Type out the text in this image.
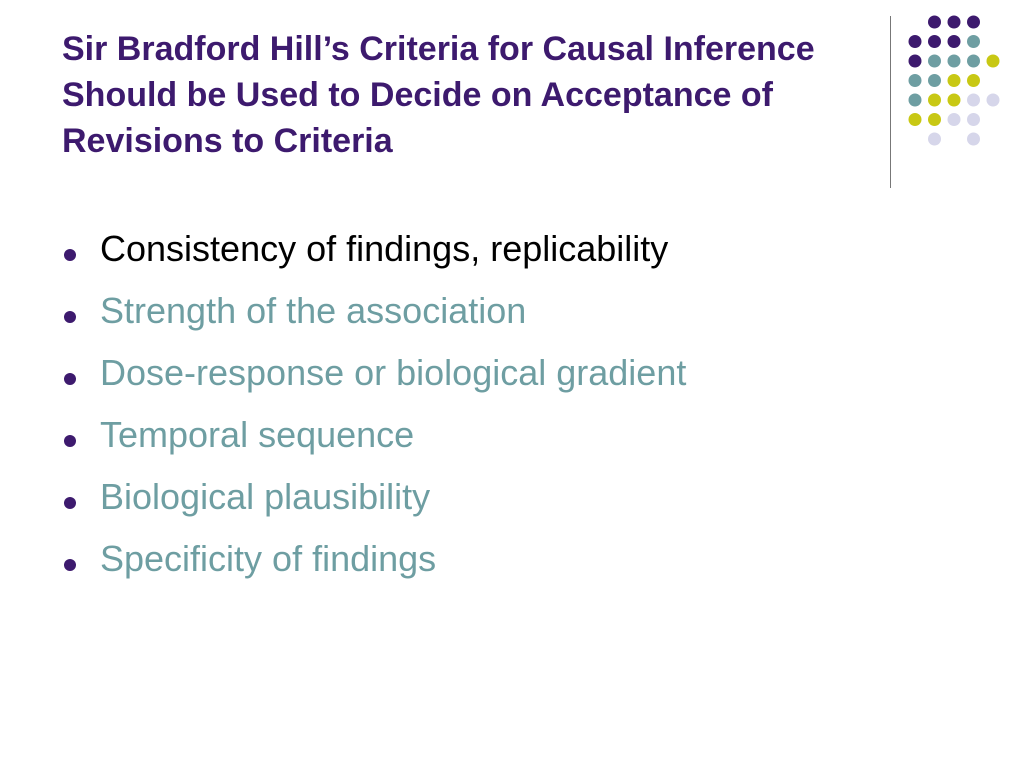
Sir Bradford Hill’s Criteria for Causal Inference Should be Used to Decide on Acceptance of Revisions to Criteria
Consistency of findings, replicability
Strength of the association
Dose-response or biological gradient
Temporal sequence
Biological plausibility
Specificity of findings
